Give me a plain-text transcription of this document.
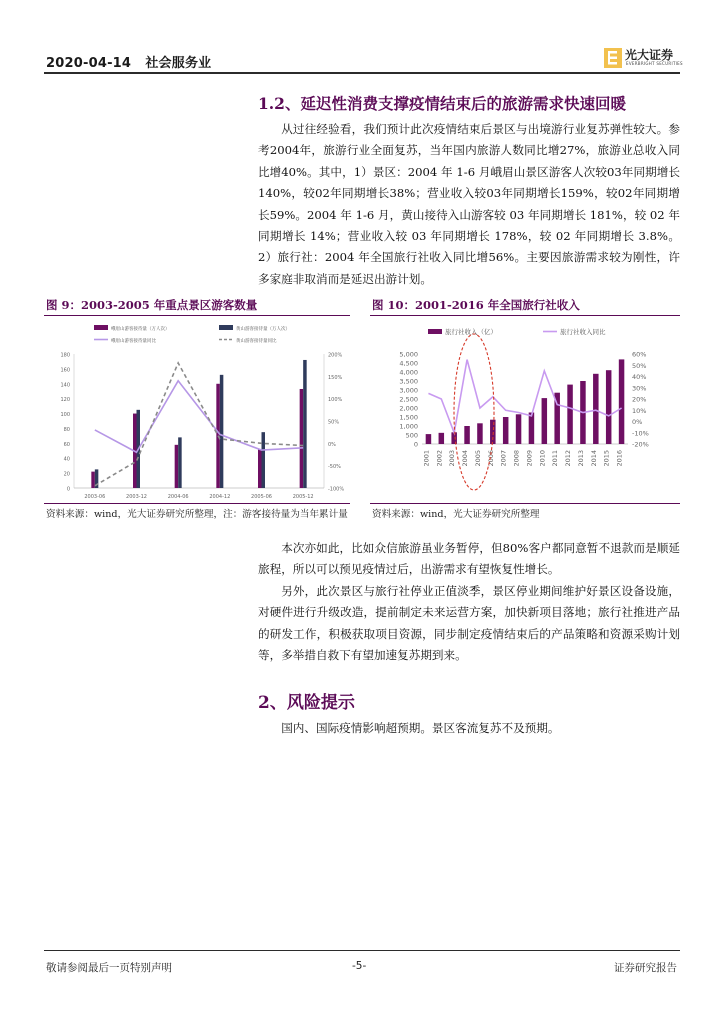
2020-04-14 社会服务业
光大证券
EVERBRIGHT SECURITIES
1.2、延迟性消费支撑疫情结束后的旅游需求快速回暖

从过往经验看，我们预计此次疫情结束后景区与出境游行业复苏弹性较大。参考2004年，旅游行业全面复苏，当年国内旅游人数同比增27%，旅游业总收入同比增40%。其中，1）景区：2004 年 1-6 月峨眉山景区游客人次较03年同期增长140%，较02年同期增长38%；营业收入较03年同期增长159%，较02年同期增长59%。2004 年 1-6 月，黄山接待入山游客较 03 年同期增长 181%，较 02 年同期增长 14%；营业收入较 03 年同期增长 178%，较 02 年同期增长 3.8%。2）旅行社：2004 年全国旅行社收入同比增56%。主要因旅游需求较为刚性，许多家庭非取消而是延迟出游计划。

图 9：2003-2005 年重点景区游客数量
0
20
40
60
80
100
120
140
160
180
-100%
-50%
0%
50%
100%
150%
200%
2003-06	2003-12	2004-06	2004-12	2005-06	2005-12
峨眉山游客接待量（万人次）	黄山游客接待量（万人次）
峨眉山游客接待量同比	黄山游客接待量同比
资料来源：wind，光大证券研究所整理，注：游客接待量为当年累计量
图 10：2001-2016 年全国旅行社收入
0
500
1,000
1,500
2,000
2,500
3,000
3,500
4,000
4,500
5,000
-20%
-10%
0%
10%
20%
30%
40%
50%
60%
2001 2002 2003 2004 2005 2006 2007 2008 2009 2010 2011 2012 2013 2014 2015 2016
旅行社收入（亿）	旅行社收入同比
资料来源：wind，光大证券研究所整理

本次亦如此，比如众信旅游虽业务暂停，但80%客户都同意暂不退款而是顺延旅程，所以可以预见疫情过后，出游需求有望恢复性增长。

另外，此次景区与旅行社停业正值淡季，景区停业期间维护好景区设备设施，对硬件进行升级改造，提前制定未来运营方案，加快新项目落地；旅行社推进产品的研发工作，积极获取项目资源，同步制定疫情结束后的产品策略和资源采购计划等，多举措自救下有望加速复苏期到来。

2、风险提示

国内、国际疫情影响超预期。景区客流复苏不及预期。

敬请参阅最后一页特别声明	-5-	证券研究报告
